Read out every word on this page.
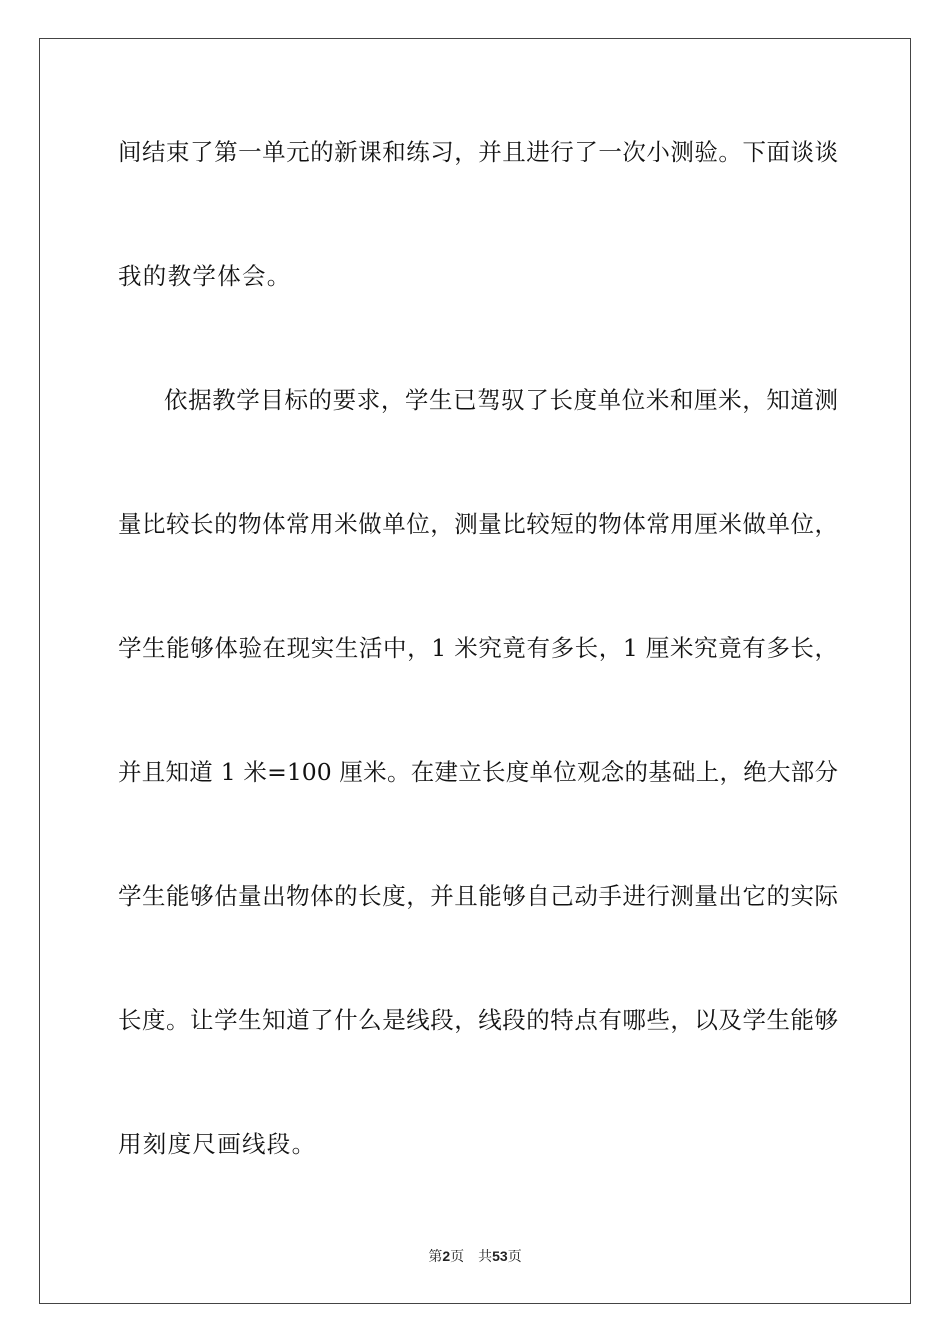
间结束了第一单元的新课和练习，并且进行了一次小测验。下面谈谈
我的教学体会。
依据教学目标的要求，学生已驾驭了长度单位米和厘米，知道测
量比较长的物体常用米做单位，测量比较短的物体常用厘米做单位，
学生能够体验在现实生活中，1 米究竟有多长，1 厘米究竟有多长，
并且知道 1 米=100 厘米。在建立长度单位观念的基础上，绝大部分
学生能够估量出物体的长度，并且能够自己动手进行测量出它的实际
长度。让学生知道了什么是线段，线段的特点有哪些，以及学生能够
用刻度尺画线段。
第2页 共53页
